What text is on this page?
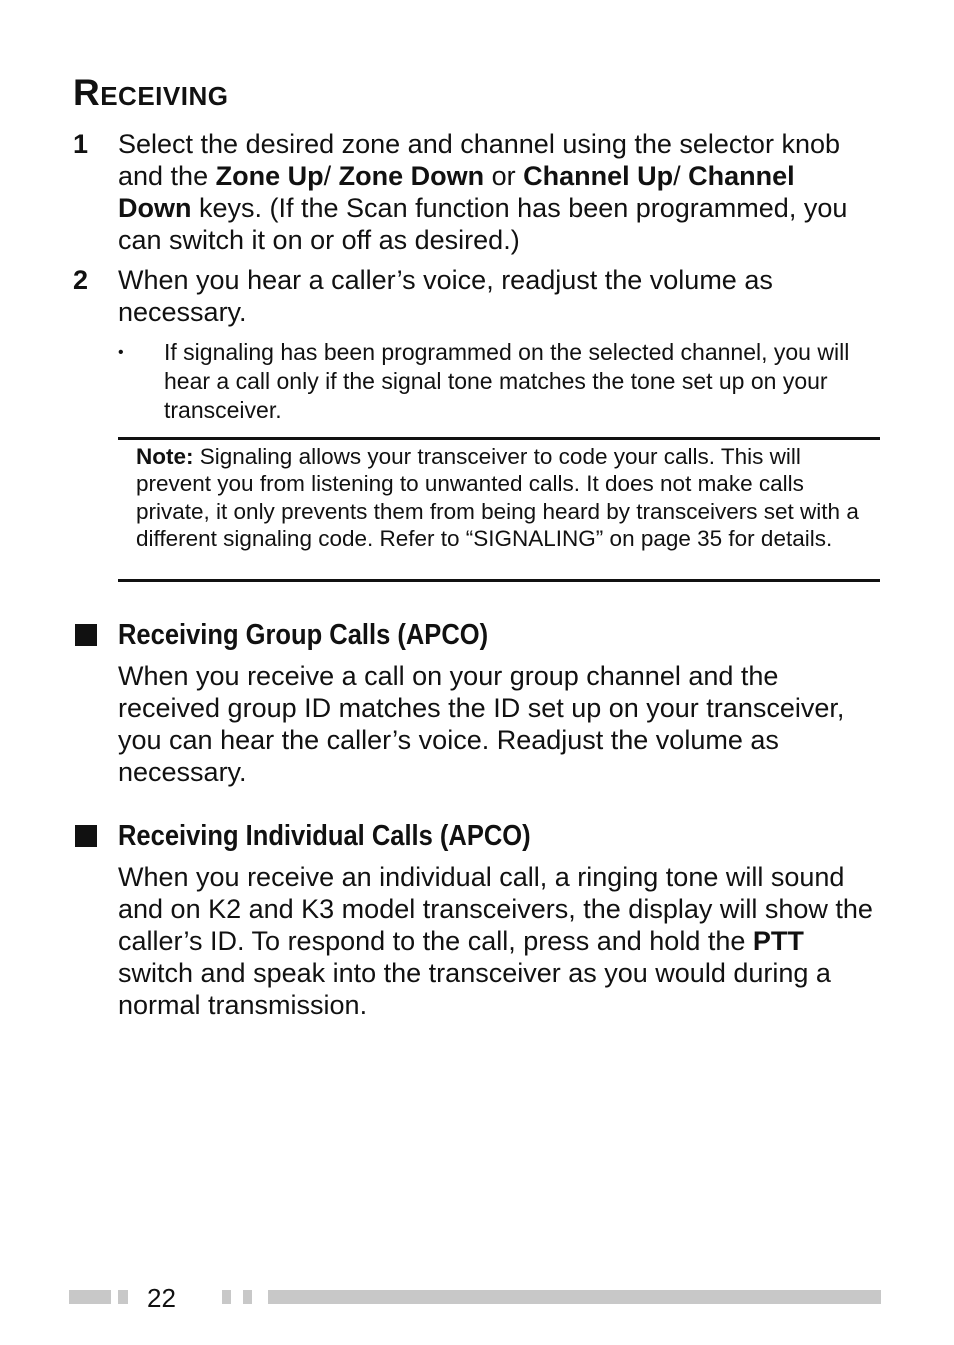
Receiving
1	Select the desired zone and channel using the selector knob and the Zone Up/ Zone Down or Channel Up/ Channel Down keys. (If the Scan function has been programmed, you can switch it on or off as desired.)
2	When you hear a caller’s voice, readjust the volume as necessary.
• If signaling has been programmed on the selected channel, you will hear a call only if the signal tone matches the tone set up on your transceiver.
Note: Signaling allows your transceiver to code your calls. This will prevent you from listening to unwanted calls. It does not make calls private, it only prevents them from being heard by transceivers set with a different signaling code. Refer to “SIGNALING” on page 35 for details.
Receiving Group Calls (APCO)

When you receive a call on your group channel and the received group ID matches the ID set up on your transceiver, you can hear the caller’s voice. Readjust the volume as necessary.

Receiving Individual Calls (APCO)

When you receive an individual call, a ringing tone will sound and on K2 and K3 model transceivers, the display will show the caller’s ID. To respond to the call, press and hold the PTT switch and speak into the transceiver as you would during a normal transmission.

22
